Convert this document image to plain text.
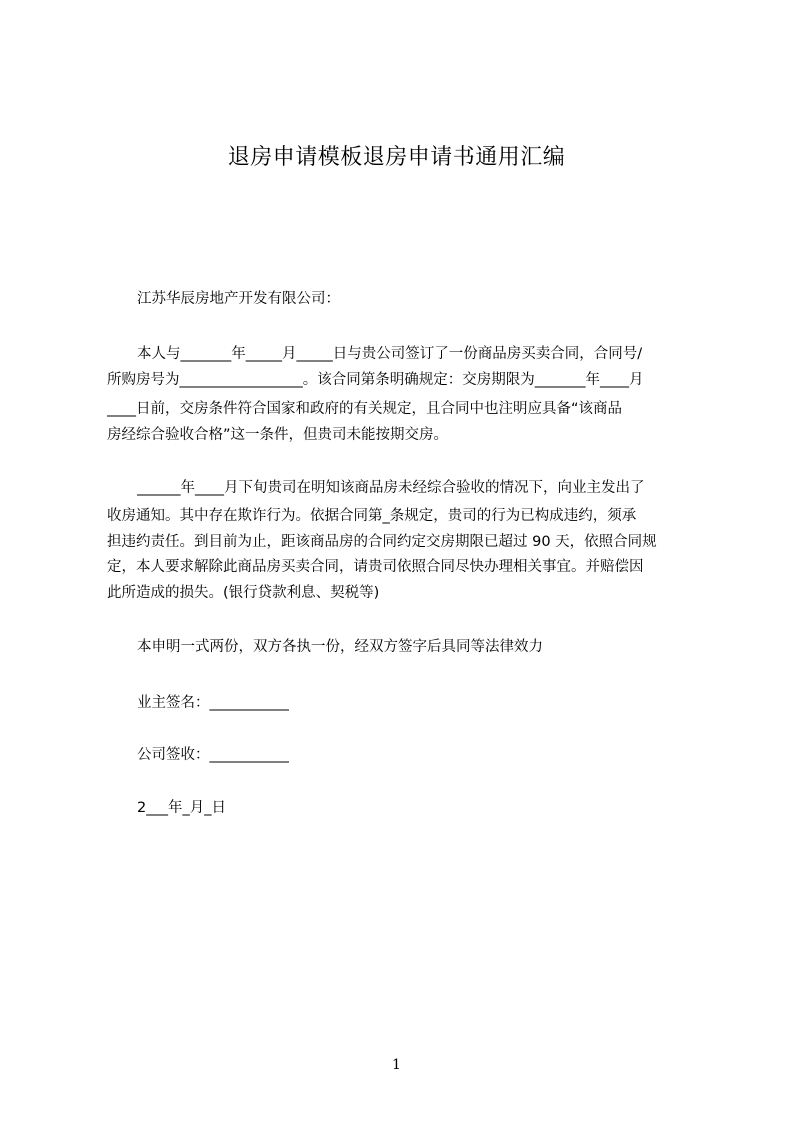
退房申请模板退房申请书通用汇编
江苏华辰房地产开发有限公司：
本人与_______年_____月_____日与贵公司签订了一份商品房买卖合同，合同号/
所购房号为_________________。该合同第条明确规定：交房期限为_______年____月
____日前，交房条件符合国家和政府的有关规定，且合同中也注明应具备“该商品
房经综合验收合格”这一条件，但贵司未能按期交房。
______年____月下旬贵司在明知该商品房未经综合验收的情况下，向业主发出了
收房通知。其中存在欺诈行为。依据合同第_条规定，贵司的行为已构成违约，须承
担违约责任。到目前为止，距该商品房的合同约定交房期限已超过 90 天，依照合同规
定，本人要求解除此商品房买卖合同，请贵司依照合同尽快办理相关事宜。并赔偿因
此所造成的损失。(银行贷款利息、契税等)
本申明一式两份，双方各执一份，经双方签字后具同等法律效力
业主签名：___________
公司签收：___________
2___年_月_日
1
